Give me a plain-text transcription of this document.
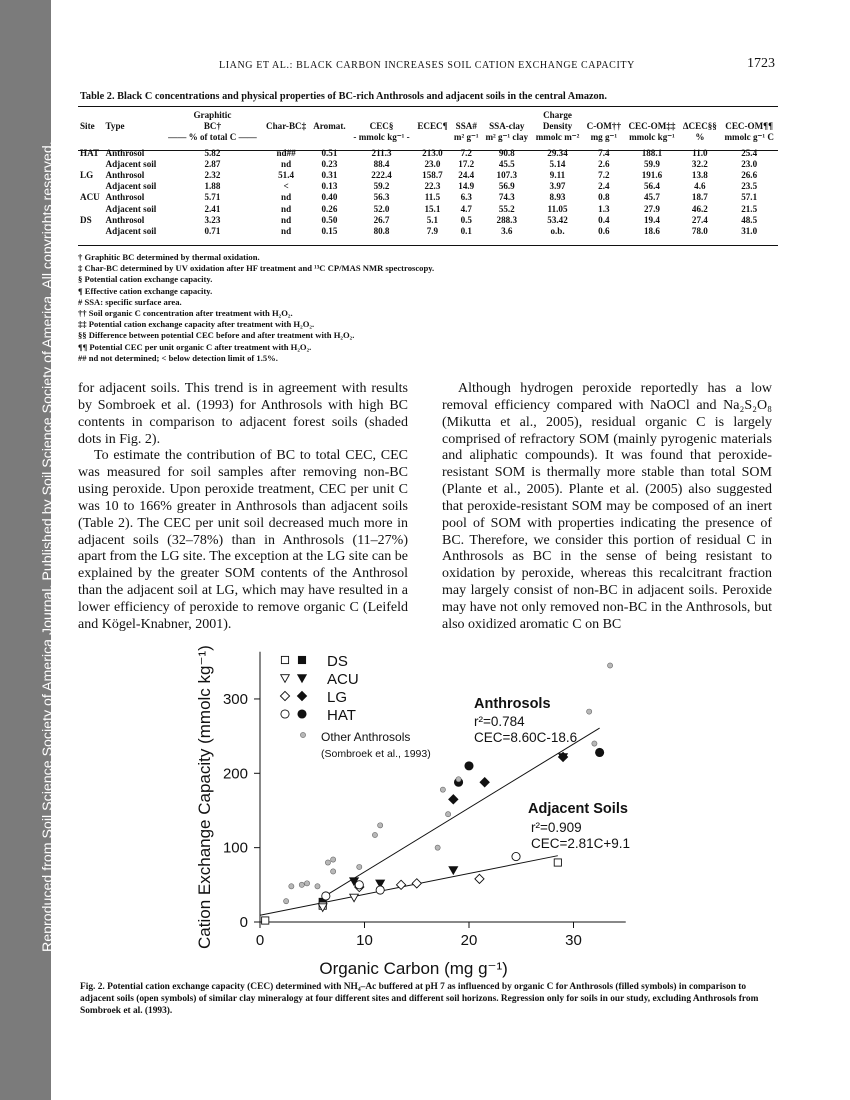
Reproduced from Soil Science Society of America Journal. Published by Soil Science Society of America. All copyrights reserved.
LIANG ET AL.: BLACK CARBON INCREASES SOIL CATION EXCHANGE CAPACITY	1723
Table 2. Black C concentrations and physical properties of BC-rich Anthrosols and adjacent soils in the central Amazon.
		Graphitic							Charge				
Site	Type	BC†	Char-BC‡	Aromat.	CEC§	ECEC¶	SSA#	SSA-clay	Density	C-OM††	CEC-OM‡‡	ΔCEC§§	CEC-OM¶¶
		—— % of total C ——			- mmolc kg⁻¹ -		m² g⁻¹	m² g⁻¹ clay	mmolc m⁻²	mg g⁻¹	mmolc kg⁻¹	%	mmolc g⁻¹ C

HAT	Anthrosol	5.82	nd##	0.51	211.3	213.0	7.2	90.8	29.34	7.4	188.1	11.0	25.4
	Adjacent soil	2.87	nd	0.23	88.4	23.0	17.2	45.5	5.14	2.6	59.9	32.2	23.0
LG	Anthrosol	2.32	51.4	0.31	222.4	158.7	24.4	107.3	9.11	7.2	191.6	13.8	26.6
	Adjacent soil	1.88	<	0.13	59.2	22.3	14.9	56.9	3.97	2.4	56.4	4.6	23.5
ACU	Anthrosol	5.71	nd	0.40	56.3	11.5	6.3	74.3	8.93	0.8	45.7	18.7	57.1
	Adjacent soil	2.41	nd	0.26	52.0	15.1	4.7	55.2	11.05	1.3	27.9	46.2	21.5
DS	Anthrosol	3.23	nd	0.50	26.7	5.1	0.5	288.3	53.42	0.4	19.4	27.4	48.5
	Adjacent soil	0.71	nd	0.15	80.8	7.9	0.1	3.6	o.b.	0.6	18.6	78.0	31.0
† Graphitic BC determined by thermal oxidation.
‡ Char-BC determined by UV oxidation after HF treatment and ¹³C CP/MAS NMR spectroscopy.
§ Potential cation exchange capacity.
¶ Effective cation exchange capacity.
# SSA: specific surface area.
†† Soil organic C concentration after treatment with H₂O₂.
‡‡ Potential cation exchange capacity after treatment with H₂O₂.
§§ Difference between potential CEC before and after treatment with H₂O₂.
¶¶ Potential CEC per unit organic C after treatment with H₂O₂.
## nd not determined; < below detection limit of 1.5%.

for adjacent soils. This trend is in agreement with results by Sombroek et al. (1993) for Anthrosols with high BC contents in comparison to adjacent forest soils (shaded dots in Fig. 2).

To estimate the contribution of BC to total CEC, CEC was measured for soil samples after removing non-BC using peroxide. Upon peroxide treatment, CEC per unit C was 10 to 166% greater in Anthrosols than adjacent soils (Table 2). The CEC per unit soil decreased much more in adjacent soils (32–78%) than in Anthrosols (11–27%) apart from the LG site. The exception at the LG site can be explained by the greater SOM contents of the Anthrosol than the adjacent soil at LG, which may have resulted in a lower efficiency of peroxide to remove organic C (Leifeld and Kögel-Knabner, 2001).

Although hydrogen peroxide reportedly has a low removal efficiency compared with NaOCl and Na₂S₂O₈ (Mikutta et al., 2005), residual organic C is largely comprised of refractory SOM (mainly pyrogenic materials and aliphatic compounds). It was found that peroxide-resistant SOM is thermally more stable than total SOM (Plante et al., 2005). Plante et al. (2005) also suggested that peroxide-resistant SOM may be composed of an inert pool of SOM with properties indicating the presence of BC. Therefore, we consider this portion of residual C in Anthrosols as BC in the sense of being resistant to oxidation by peroxide, whereas this recalcitrant fraction may largely consist of non-BC in adjacent soils. Peroxide may have not only removed non-BC in the Anthrosols, but also oxidized aromatic C on BC

0	10	20	30
0
100
200
300
Organic Carbon (mg g⁻¹)
Cation Exchange Capacity (mmolc kg⁻¹)	Anthrosols
r²=0.784
CEC=8.60C-18.6
Adjacent Soils
r²=0.909
CEC=2.81C+9.1
DS
ACU
LG
HAT
Other Anthrosols
(Sombroek et al., 1993)
Fig. 2. Potential cation exchange capacity (CEC) determined with NH₄–Ac buffered at pH 7 as influenced by organic C for Anthrosols (filled symbols) in comparison to adjacent soils (open symbols) of similar clay mineralogy at four different sites and different soil horizons. Regression only for soils in our study, excluding Anthrosols from Sombroek et al. (1993).
